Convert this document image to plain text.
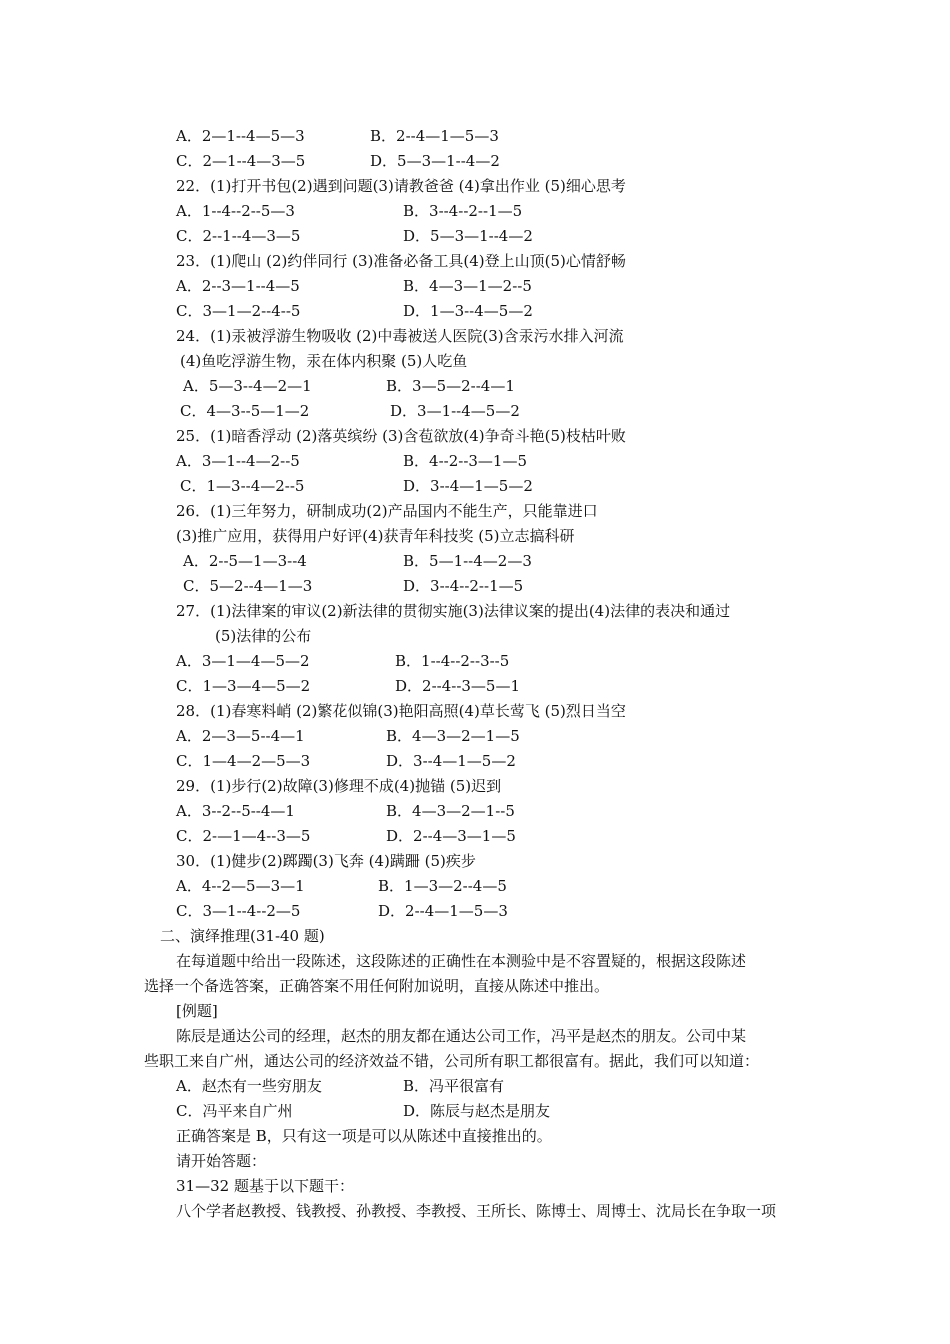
A．2—1--4—5—3	B．2--4—1—5—3
C．2—1--4—3—5	D．5—3—1--4—2
22．(1)打开书包(2)遇到问题(3)请教爸爸 (4)拿出作业 (5)细心思考
A．1--4--2--5—3	B．3--4--2--1—5
C．2--1--4—3—5	D．5—3—1--4—2
23．(1)爬山 (2)约伴同行 (3)准备必备工具(4)登上山顶(5)心情舒畅
A．2--3—1--4—5	B．4—3—1—2--5
C．3—1—2--4--5	D．1—3--4—5—2
24．(1)汞被浮游生物吸收 (2)中毒被送人医院(3)含汞污水排入河流
(4)鱼吃浮游生物，汞在体内积聚 (5)人吃鱼
A．5—3--4—2—1	B．3—5—2--4—1
C．4—3--5—1—2	D．3—1--4—5—2
25．(1)暗香浮动 (2)落英缤纷 (3)含苞欲放(4)争奇斗艳(5)枝枯叶败
A．3—1--4—2--5	B．4--2--3—1—5
C．1—3--4—2--5	D．3--4—1—5—2
26．(1)三年努力，研制成功(2)产品国内不能生产，只能靠进口
(3)推广应用，获得用户好评(4)获青年科技奖 (5)立志搞科研
A．2--5—1—3--4	B．5—1--4—2—3
C．5—2--4—1—3	D．3--4--2--1—5
27．(1)法律案的审议(2)新法律的贯彻实施(3)法律议案的提出(4)法律的表决和通过
(5)法律的公布
A．3—1—4—5—2	B．1--4--2--3--5
C．1—3—4—5—2	D．2--4--3—5—1
28．(1)春寒料峭 (2)繁花似锦(3)艳阳高照(4)草长莺飞 (5)烈日当空
A．2—3—5--4—1	B．4—3—2—1—5
C．1—4—2—5—3	D．3--4—1—5—2
29．(1)步行(2)故障(3)修理不成(4)抛锚 (5)迟到
A．3--2--5--4—1	B．4—3—2—1--5
C．2-—1—4--3—5	D．2--4—3—1—5
30．(1)健步(2)踯躅(3)飞奔 (4)蹒跚 (5)疾步
A．4--2—5—3—1	B．1—3—2--4—5
C．3—1--4--2—5	D．2--4—1—5—3
二、演绎推理(31-40 题)
在每道题中给出一段陈述，这段陈述的正确性在本测验中是不容置疑的，根据这段陈述
选择一个备选答案，正确答案不用任何附加说明，直接从陈述中推出。
[例题]
陈辰是通达公司的经理，赵杰的朋友都在通达公司工作，冯平是赵杰的朋友。公司中某
些职工来自广州，通达公司的经济效益不错，公司所有职工都很富有。据此，我们可以知道：
A．赵杰有一些穷朋友	B．冯平很富有
C．冯平来自广州	D．陈辰与赵杰是朋友
正确答案是 B，只有这一项是可以从陈述中直接推出的。
请开始答题：
31—32 题基于以下题干：
八个学者赵教授、钱教授、孙教授、李教授、王所长、陈博士、周博士、沈局长在争取一项
